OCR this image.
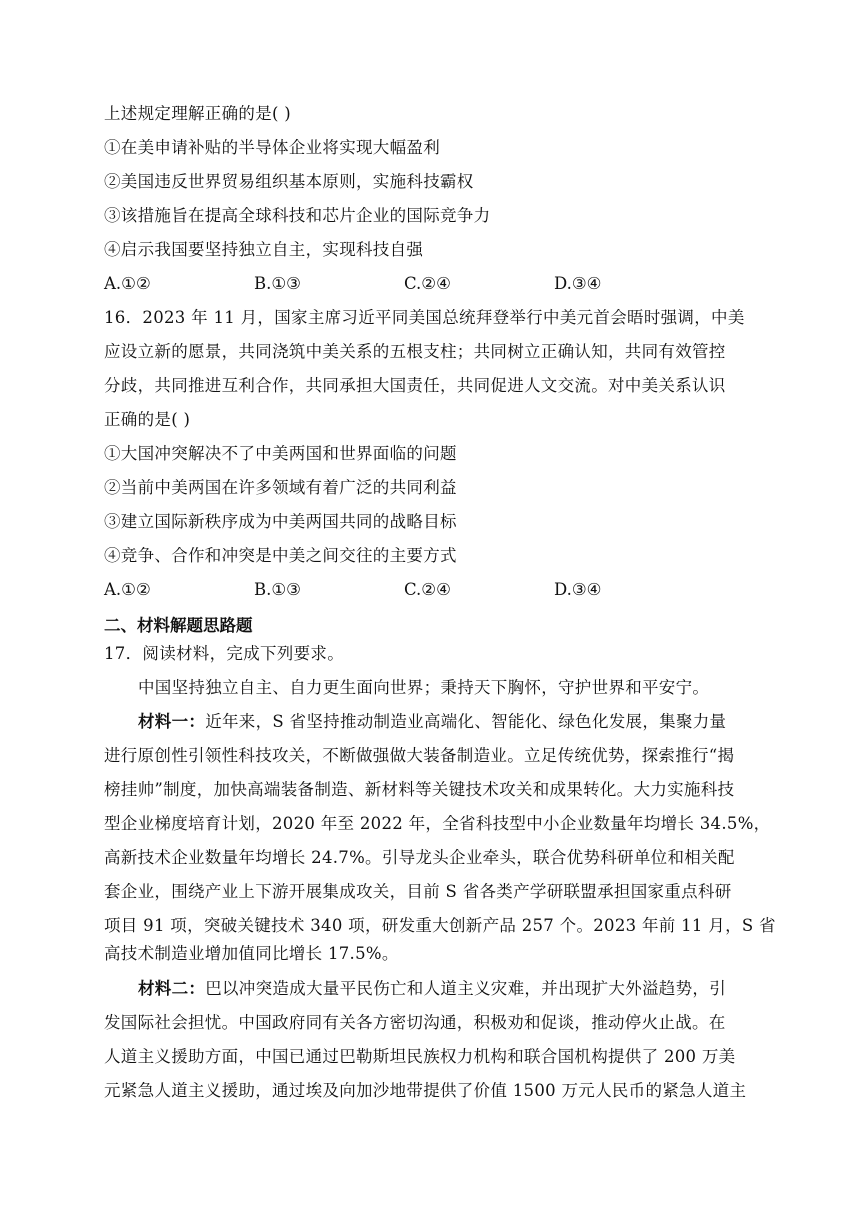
上述规定理解正确的是( )
①在美申请补贴的半导体企业将实现大幅盈利
②美国违反世界贸易组织基本原则，实施科技霸权
③该措施旨在提高全球科技和芯片企业的国际竞争力
④启示我国要坚持独立自主，实现科技自强
A.①②	B.①③	C.②④	D.③④
16．2023 年 11 月，国家主席习近平同美国总统拜登举行中美元首会晤时强调，中美
应设立新的愿景，共同浇筑中美关系的五根支柱；共同树立正确认知，共同有效管控
分歧，共同推进互利合作，共同承担大国责任，共同促进人文交流。对中美关系认识
正确的是( )
①大国冲突解决不了中美两国和世界面临的问题
②当前中美两国在许多领域有着广泛的共同利益
③建立国际新秩序成为中美两国共同的战略目标
④竞争、合作和冲突是中美之间交往的主要方式
A.①②	B.①③	C.②④	D.③④
二、材料解题思路题
17．阅读材料，完成下列要求。
中国坚持独立自主、自力更生面向世界；秉持天下胸怀，守护世界和平安宁。
材料一：近年来，S 省坚持推动制造业高端化、智能化、绿色化发展，集聚力量
进行原创性引领性科技攻关，不断做强做大装备制造业。立足传统优势，探索推行“揭
榜挂帅”制度，加快高端装备制造、新材料等关键技术攻关和成果转化。大力实施科技
型企业梯度培育计划，2020 年至 2022 年，全省科技型中小企业数量年均增长 34.5%，
高新技术企业数量年均增长 24.7%。引导龙头企业牵头，联合优势科研单位和相关配
套企业，围绕产业上下游开展集成攻关，目前 S 省各类产学研联盟承担国家重点科研
项目 91 项，突破关键技术 340 项，研发重大创新产品 257 个。2023 年前 11 月，S 省
高技术制造业增加值同比增长 17.5%。
材料二：巴以冲突造成大量平民伤亡和人道主义灾难，并出现扩大外溢趋势，引
发国际社会担忧。中国政府同有关各方密切沟通，积极劝和促谈，推动停火止战。在
人道主义援助方面，中国已通过巴勒斯坦民族权力机构和联合国机构提供了 200 万美
元紧急人道主义援助，通过埃及向加沙地带提供了价值 1500 万元人民币的紧急人道主
